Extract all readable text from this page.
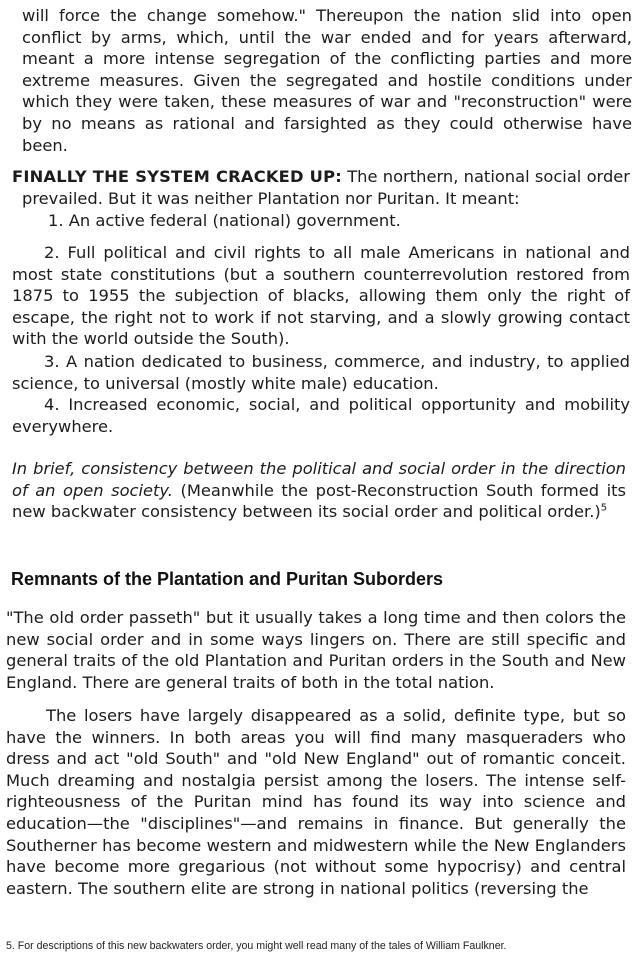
will force the change somehow." Thereupon the nation slid into open conflict by arms, which, until the war ended and for years afterward, meant a more intense segregation of the conflicting parties and more extreme measures. Given the segregated and hostile conditions under which they were taken, these measures of war and "reconstruction" were by no means as rational and farsighted as they could otherwise have been.

FINALLY THE SYSTEM CRACKED UP: The northern, national social order prevailed. But it was neither Plantation nor Puritan. It meant:

1. An active federal (national) government.

2. Full political and civil rights to all male Americans in national and most state constitutions (but a southern counterrevolution restored from 1875 to 1955 the subjection of blacks, allowing them only the right of escape, the right not to work if not starving, and a slowly growing contact with the world outside the South).

3. A nation dedicated to business, commerce, and industry, to applied science, to universal (mostly white male) education.

4. Increased economic, social, and political opportunity and mobility everywhere.

In brief, consistency between the political and social order in the direction of an open society. (Meanwhile the post-Reconstruction South formed its new backwater consistency between its social order and political order.)$^5$

Remnants of the Plantation and Puritan Suborders

"The old order passeth" but it usually takes a long time and then colors the new social order and in some ways lingers on. There are still specific and general traits of the old Plantation and Puritan orders in the South and New England. There are general traits of both in the total nation.

The losers have largely disappeared as a solid, definite type, but so have the winners. In both areas you will find many masqueraders who dress and act "old South" and "old New England" out of romantic conceit. Much dreaming and nostalgia persist among the losers. The intense self-righteousness of the Puritan mind has found its way into science and education—the "disciplines"—and remains in finance. But generally the Southerner has become western and midwestern while the New Englanders have become more gregarious (not without some hypocrisy) and central eastern. The southern elite are strong in national politics (reversing the

5. For descriptions of this new backwaters order, you might well read many of the tales of William Faulkner.
